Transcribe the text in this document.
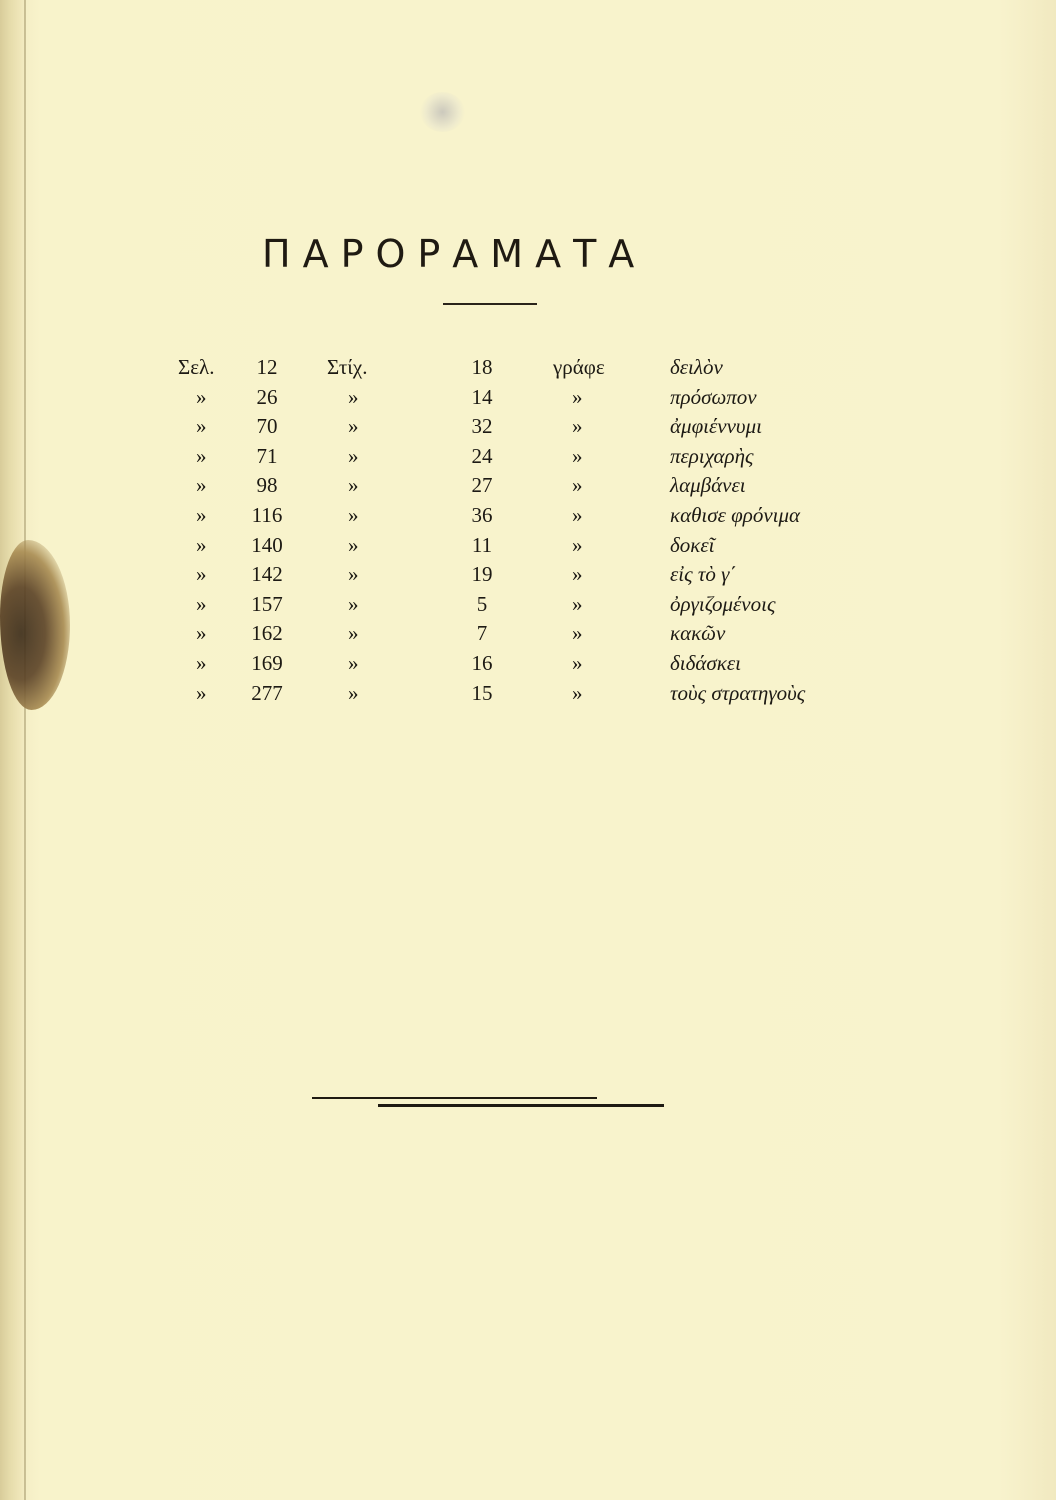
ΠΑΡΟΡΑΜΑΤΑ
Σελ.	12	Στίχ.	18	γράφε	δειλὸν
»	26	»	14	»	πρόσωπον
»	70	»	32	»	ἀμφιέννυμι
»	71	»	24	»	περιχαρὴς
»	98	»	27	»	λαμβάνει
»	116	»	36	»	καθισε φρόνιμα
»	140	»	11	»	δοκεῖ
»	142	»	19	»	εἰς τὸ γ΄
»	157	»	5	»	ὀργιζομένοις
»	162	»	7	»	κακῶν
»	169	»	16	»	διδάσκει
»	277	»	15	»	τοὺς στρατηγοὺς
